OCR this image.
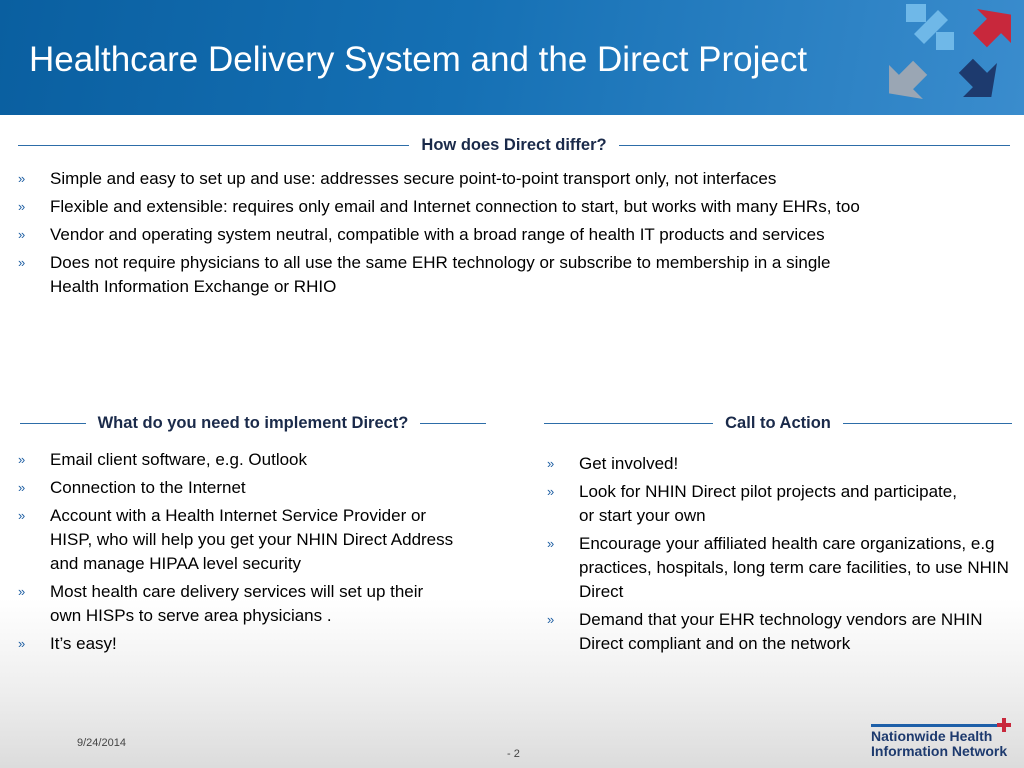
Healthcare Delivery System and the Direct Project
How does Direct differ?
» Simple and easy to set up and use: addresses secure point-to-point transport only, not interfaces
» Flexible and extensible: requires only email and Internet connection to start, but works with many EHRs, too
» Vendor and operating system neutral, compatible with a broad range of health IT products and services
» Does not require physicians to all use the same EHR technology or subscribe to membership in a single Health Information Exchange or RHIO
What do you need to implement Direct?
» Email client software, e.g. Outlook
» Connection to the Internet
» Account with a Health Internet Service Provider or HISP, who will help you get your NHIN Direct Address and manage HIPAA level security
» Most health care delivery services will set up their own HISPs to serve area physicians .
» It’s easy!
Call to Action
» Get involved!
» Look for NHIN Direct pilot projects and participate, or start your own
» Encourage your affiliated health care organizations, e.g practices, hospitals, long term care facilities, to use NHIN Direct
» Demand that your EHR technology vendors are NHIN Direct compliant and on the network
9/24/2014
- 2
Nationwide Health
Information Network
